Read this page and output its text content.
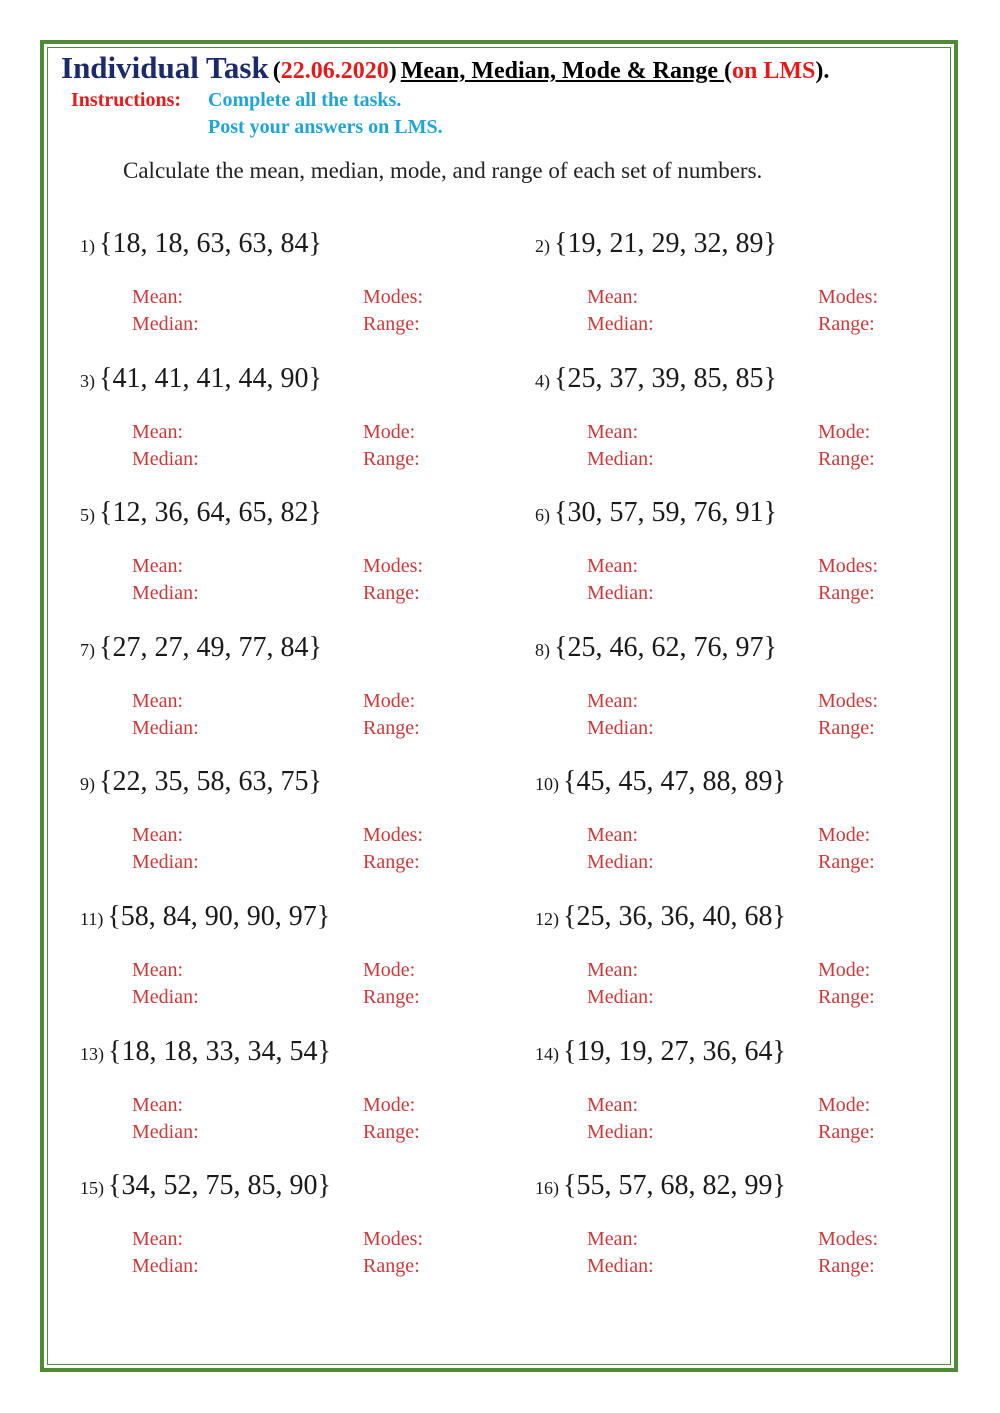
Individual Task (22.06.2020) Mean, Median, Mode & Range (on LMS).
Instructions: Complete all the tasks.
Post your answers on LMS.
Calculate the mean, median, mode, and range of each set of numbers.
1) {18, 18, 63, 63, 84}
Mean:
Median:
Modes:
Range:
2) {19, 21, 29, 32, 89}
Mean:
Median:
Modes:
Range:
3) {41, 41, 41, 44, 90}
Mean:
Median:
Mode:
Range:
4) {25, 37, 39, 85, 85}
Mean:
Median:
Mode:
Range:
5) {12, 36, 64, 65, 82}
Mean:
Median:
Modes:
Range:
6) {30, 57, 59, 76, 91}
Mean:
Median:
Modes:
Range:
7) {27, 27, 49, 77, 84}
Mean:
Median:
Mode:
Range:
8) {25, 46, 62, 76, 97}
Mean:
Median:
Modes:
Range:
9) {22, 35, 58, 63, 75}
Mean:
Median:
Modes:
Range:
10) {45, 45, 47, 88, 89}
Mean:
Median:
Mode:
Range:
11) {58, 84, 90, 90, 97}
Mean:
Median:
Mode:
Range:
12) {25, 36, 36, 40, 68}
Mean:
Median:
Mode:
Range:
13) {18, 18, 33, 34, 54}
Mean:
Median:
Mode:
Range:
14) {19, 19, 27, 36, 64}
Mean:
Median:
Mode:
Range:
15) {34, 52, 75, 85, 90}
Mean:
Median:
Modes:
Range:
16) {55, 57, 68, 82, 99}
Mean:
Median:
Modes:
Range:
